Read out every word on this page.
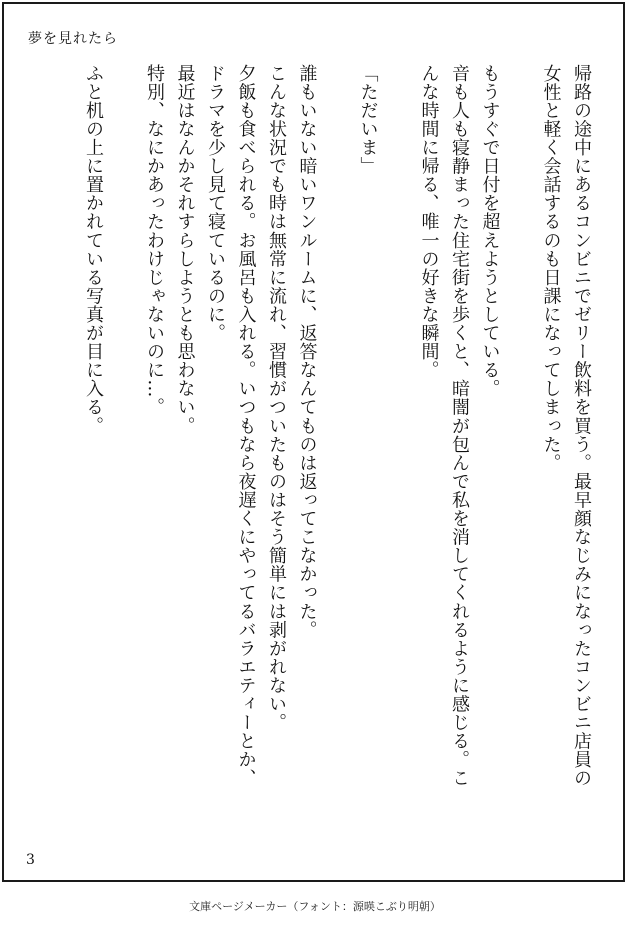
夢を見れたら
帰路の途中にあるコンビニでゼリー飲料を買う。最早顔なじみになったコンビニ店員の
女性と軽く会話するのも日課になってしまった。
もうすぐで日付を超えようとしている。
音も人も寝静まった住宅街を歩くと、暗闇が包んで私を消してくれるように感じる。こ
んな時間に帰る、唯一の好きな瞬間。
「ただいま」
誰もいない暗いワンルームに、返答なんてものは返ってこなかった。
こんな状況でも時は無常に流れ、習慣がついたものはそう簡単には剥がれない。
夕飯も食べられる。お風呂も入れる。いつもなら夜遅くにやってるバラエティーとか、
ドラマを少し見て寝ているのに。
最近はなんかそれすらしようとも思わない。
特別、なにかあったわけじゃないのに…。
ふと机の上に置かれている写真が目に入る。
3
文庫ページメーカー（フォント：源暎こぶり明朝）
